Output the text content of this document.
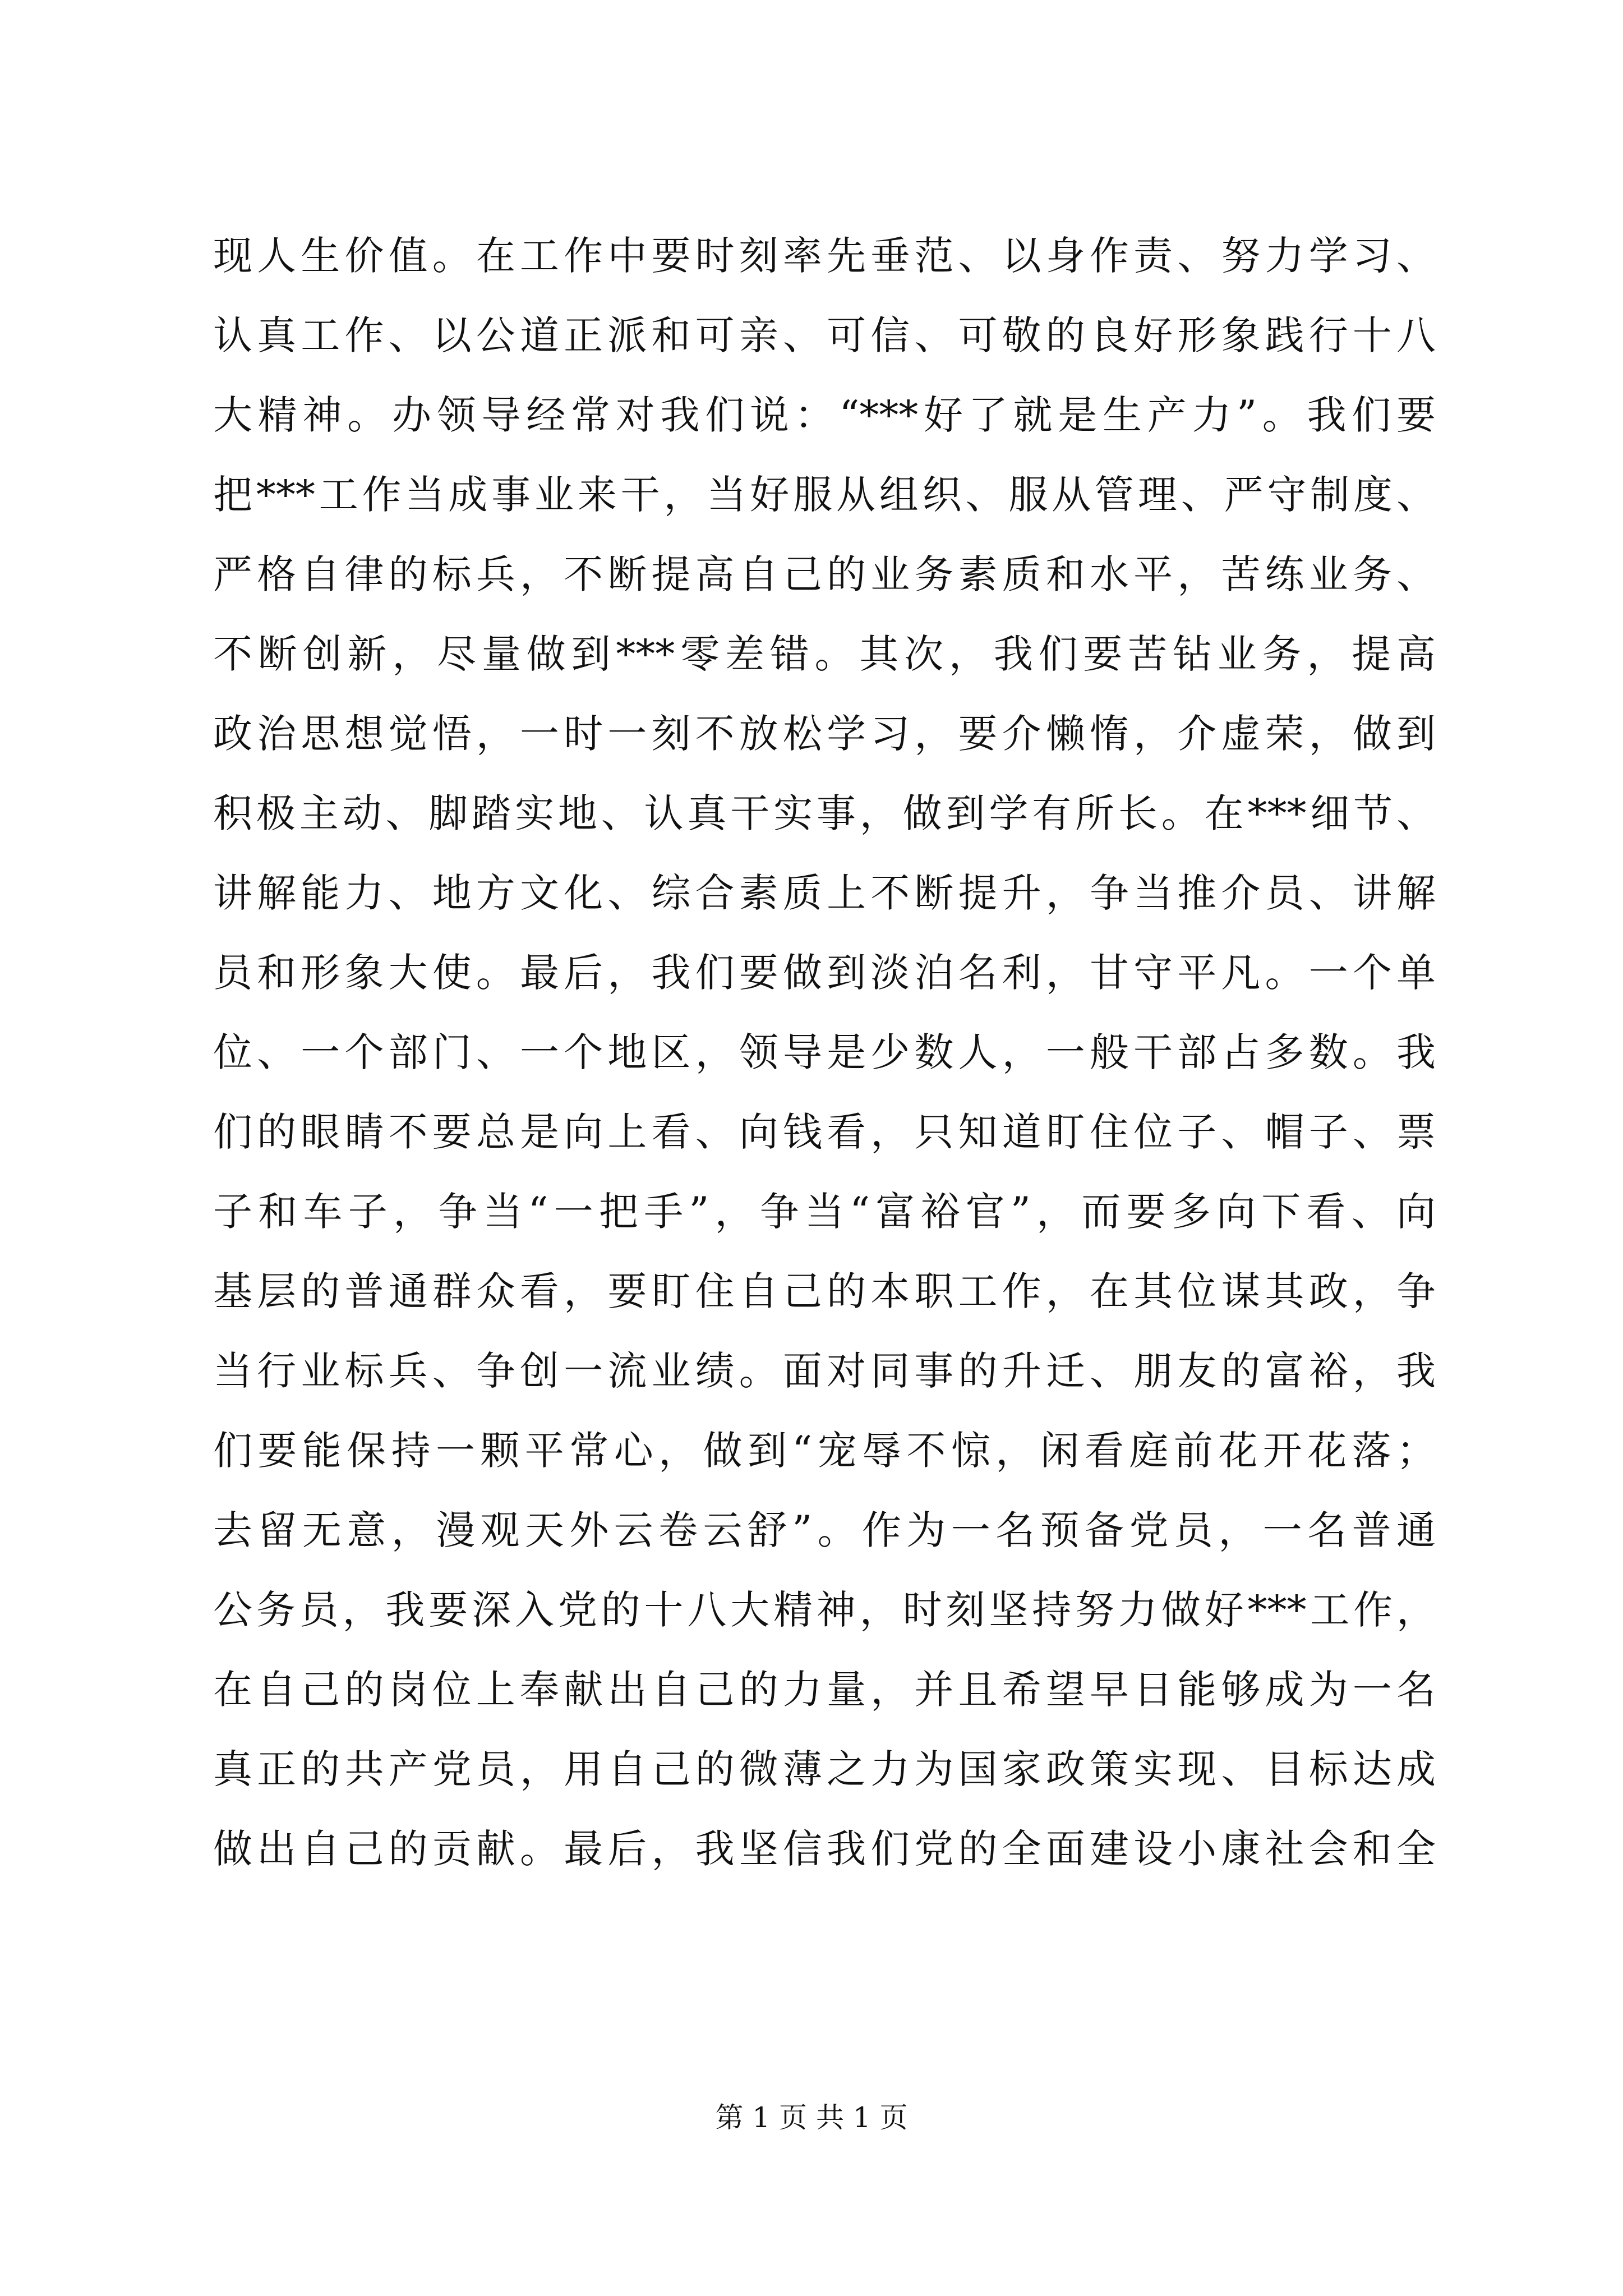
现人生价值。在工作中要时刻率先垂范、以身作责、努力学习、
认真工作、以公道正派和可亲、可信、可敬的良好形象践行十八
大精神。办领导经常对我们说：“***好了就是生产力”。我们要
把***工作当成事业来干，当好服从组织、服从管理、严守制度、
严格自律的标兵，不断提高自己的业务素质和水平，苦练业务、
不断创新，尽量做到***零差错。其次，我们要苦钻业务，提高
政治思想觉悟，一时一刻不放松学习，要介懒惰，介虚荣，做到
积极主动、脚踏实地、认真干实事，做到学有所长。在***细节、
讲解能力、地方文化、综合素质上不断提升，争当推介员、讲解
员和形象大使。最后，我们要做到淡泊名利，甘守平凡。一个单
位、一个部门、一个地区，领导是少数人，一般干部占多数。我
们的眼睛不要总是向上看、向钱看，只知道盯住位子、帽子、票
子和车子，争当“一把手”，争当“富裕官”，而要多向下看、向
基层的普通群众看，要盯住自己的本职工作，在其位谋其政，争
当行业标兵、争创一流业绩。面对同事的升迁、朋友的富裕，我
们要能保持一颗平常心，做到“宠辱不惊，闲看庭前花开花落；
去留无意，漫观天外云卷云舒”。作为一名预备党员，一名普通
公务员，我要深入党的十八大精神，时刻坚持努力做好***工作，
在自己的岗位上奉献出自己的力量，并且希望早日能够成为一名
真正的共产党员，用自己的微薄之力为国家政策实现、目标达成
做出自己的贡献。最后，我坚信我们党的全面建设小康社会和全
第 1 页 共 1 页
